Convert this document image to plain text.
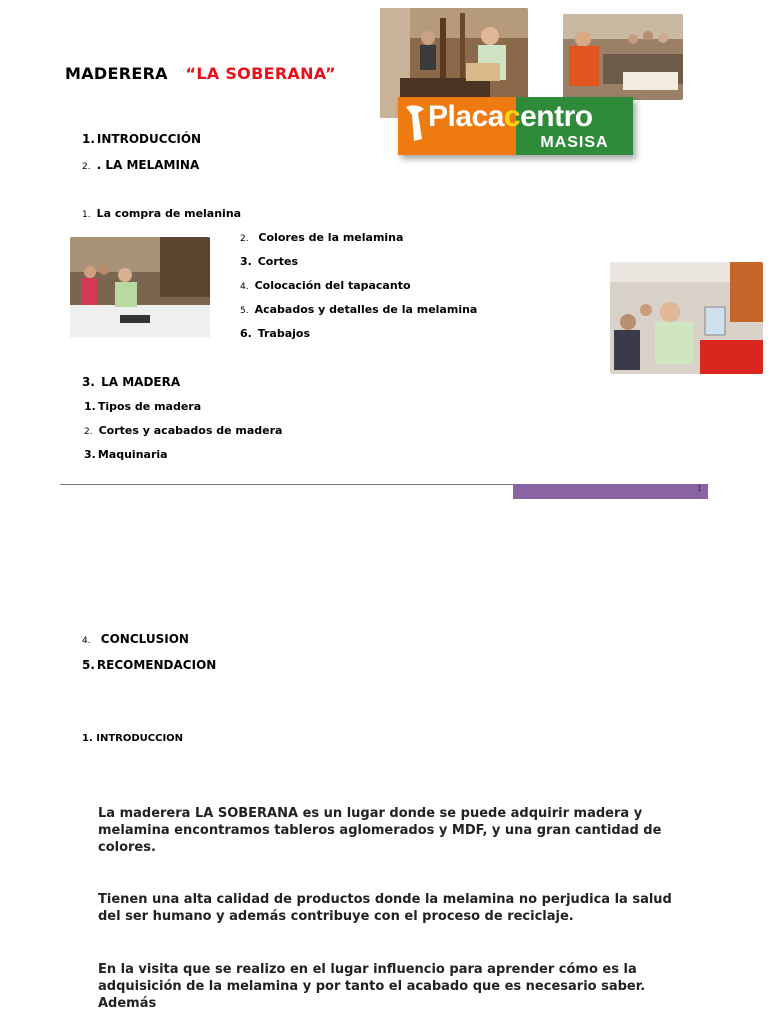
MADERERA “LA SOBERANA”
Placacentro
MASISA
1. INTRODUCCIÓN
2. . LA MELAMINA
1. La compra de melanina
2. Colores de la melamina
3. Cortes
4. Colocación del tapacanto
5. Acabados y detalles de la melamina
6. Trabajos
3. LA MADERA
1. Tipos de madera
2. Cortes y acabados de madera
3. Maquinaria
1
4. CONCLUSION
5. RECOMENDACION
1. INTRODUCCION
La maderera LA SOBERANA es un lugar donde se puede adquirir madera y melamina encontramos tableros aglomerados y MDF, y una gran cantidad de colores.
Tienen una alta calidad de productos donde la melamina no perjudica la salud del ser humano y además contribuye con el proceso de reciclaje.
En la visita que se realizo en el lugar influencio para aprender cómo es la adquisición de la melamina y por tanto el acabado que es necesario saber. Además
